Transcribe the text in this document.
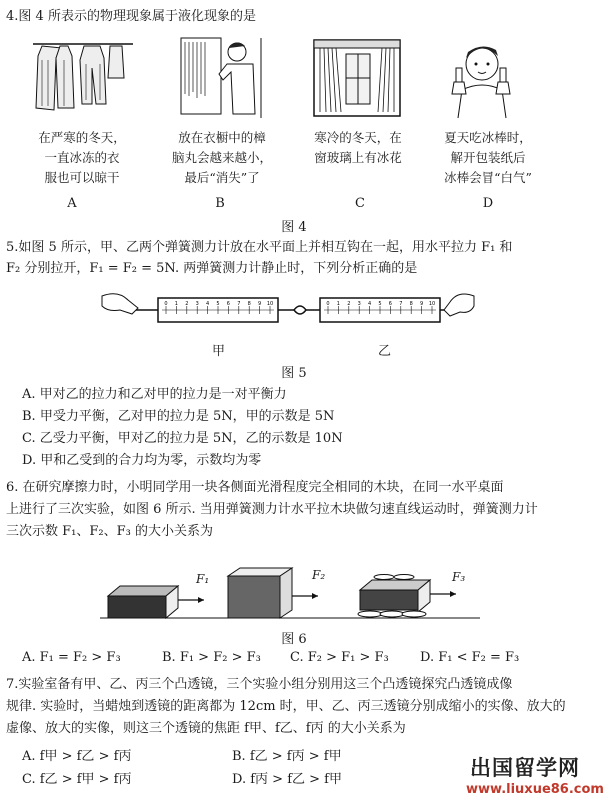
4.图 4 所表示的物理现象属于液化现象的是
在严寒的冬天，
一直冰冻的衣
服也可以晾干
放在衣橱中的樟
脑丸会越来越小，
最后“消失”了
寒冷的冬天，在
窗玻璃上有冰花
夏天吃冰棒时，
解开包装纸后
冰棒会冒“白气”
A	B	C	D
图 4
5.如图 5 所示，甲、乙两个弹簧测力计放在水平面上并相互钩在一起，用水平拉力 F₁ 和
F₂ 分别拉开，F₁ = F₂ = 5N. 两弹簧测力计静止时，下列分析正确的是
0 1 2 3 4 5 6 7 8 9 10	0 1 2 3 4 5 6 7 8 9 10
甲	乙
图 5
A. 甲对乙的拉力和乙对甲的拉力是一对平衡力
B. 甲受力平衡，乙对甲的拉力是 5N，甲的示数是 5N
C. 乙受力平衡，甲对乙的拉力是 5N，乙的示数是 10N
D. 甲和乙受到的合力均为零，示数均为零
6. 在研究摩擦力时，小明同学用一块各侧面光滑程度完全相同的木块，在同一水平桌面
上进行了三次实验，如图 6 所示. 当用弹簧测力计水平拉木块做匀速直线运动时，弹簧测力计
三次示数 F₁、F₂、F₃ 的大小关系为
F₁	F₂	F₃
图 6
A. F₁ = F₂ > F₃	B. F₁ > F₂ > F₃ C. F₂ > F₁ > F₃ D. F₁ < F₂ = F₃
7.实验室备有甲、乙、丙三个凸透镜，三个实验小组分别用这三个凸透镜探究凸透镜成像
规律. 实验时，当蜡烛到透镜的距离都为 12cm 时，甲、乙、丙三透镜分别成缩小的实像、放大的
虚像、放大的实像，则这三个透镜的焦距 f甲、f乙、f丙 的大小关系为
A. f甲 > f乙 > f丙	B. f乙 > f丙 > f甲
C. f乙 > f甲 > f丙	D. f丙 > f乙 > f甲	出国留学网
www.liuxue86.com
